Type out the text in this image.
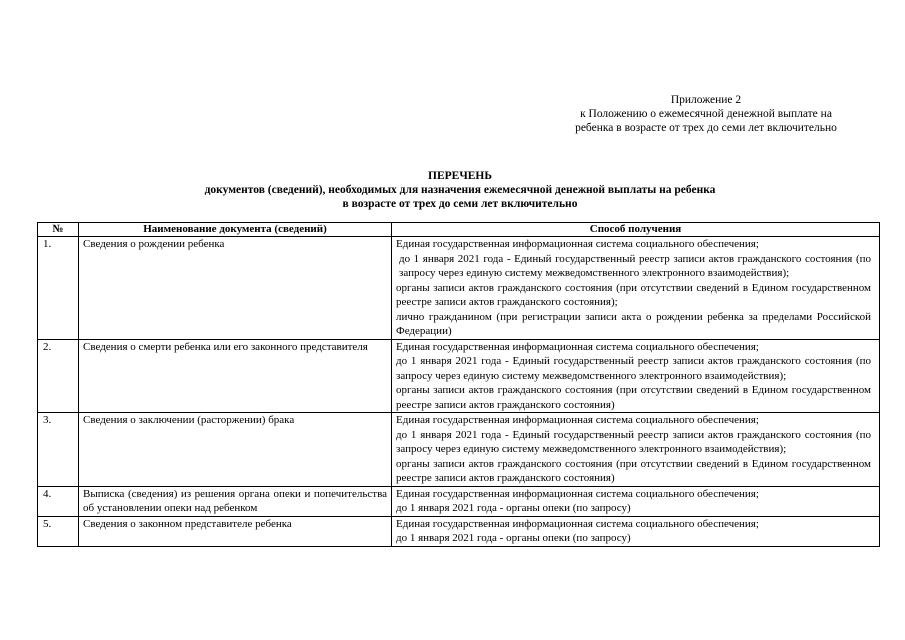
Приложение 2
к Положению о ежемесячной денежной выплате на
ребенка в возрасте от трех до семи лет включительно
ПЕРЕЧЕНЬ
документов (сведений), необходимых для назначения ежемесячной денежной выплаты на ребенка
в возрасте от трех до семи лет включительно
№	Наименование документа (сведений)	Способ получения
1.	Сведения о рождении ребенка	Единая государственная информационная система социального обеспечения;
до 1 января 2021 года - Единый государственный реестр записи актов гражданского состояния (по запросу через единую систему межведомственного электронного взаимодействия);
органы записи актов гражданского состояния (при отсутствии сведений в Едином государственном реестре записи актов гражданского состояния);
лично гражданином (при регистрации записи акта о рождении ребенка за пределами Российской Федерации)

2.	Сведения о смерти ребенка или его законного представителя	Единая государственная информационная система социального обеспечения;
до 1 января 2021 года - Единый государственный реестр записи актов гражданского состояния (по запросу через единую систему межведомственного электронного взаимодействия);
органы записи актов гражданского состояния (при отсутствии сведений в Едином государственном реестре записи актов гражданского состояния)

3.	Сведения о заключении (расторжении) брака	Единая государственная информационная система социального обеспечения;
до 1 января 2021 года - Единый государственный реестр записи актов гражданского состояния (по запросу через единую систему межведомственного электронного взаимодействия);
органы записи актов гражданского состояния (при отсутствии сведений в Едином государственном реестре записи актов гражданского состояния)

4.	Выписка (сведения) из решения органа опеки и попечительства об установлении опеки над ребенком	Единая государственная информационная система социального обеспечения;
до 1 января 2021 года - органы опеки (по запросу)

5.	Сведения о законном представителе ребенка	Единая государственная информационная система социального обеспечения;
до 1 января 2021 года - органы опеки (по запросу)
